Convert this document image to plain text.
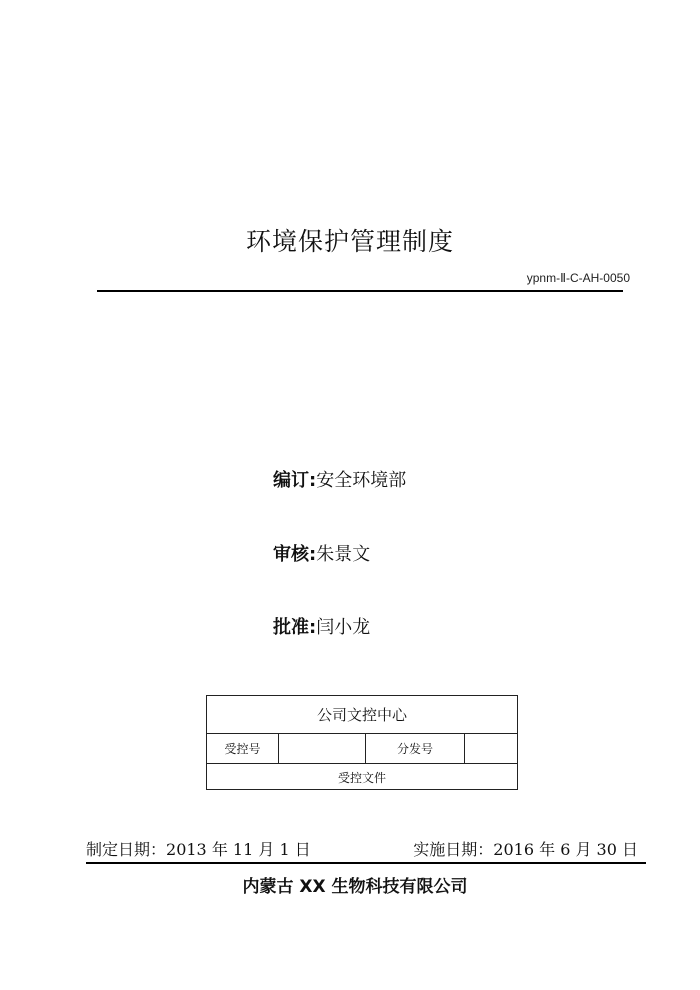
环境保护管理制度
ypnm-Ⅱ-C-AH-0050
编订:安全环境部
审核:朱景文
批准:闫小龙
公司文控中心
受控号	分发号
受控文件
制定日期：2013 年 11 月 1 日	实施日期：2016 年 6 月 30 日
内蒙古 XX 生物科技有限公司
